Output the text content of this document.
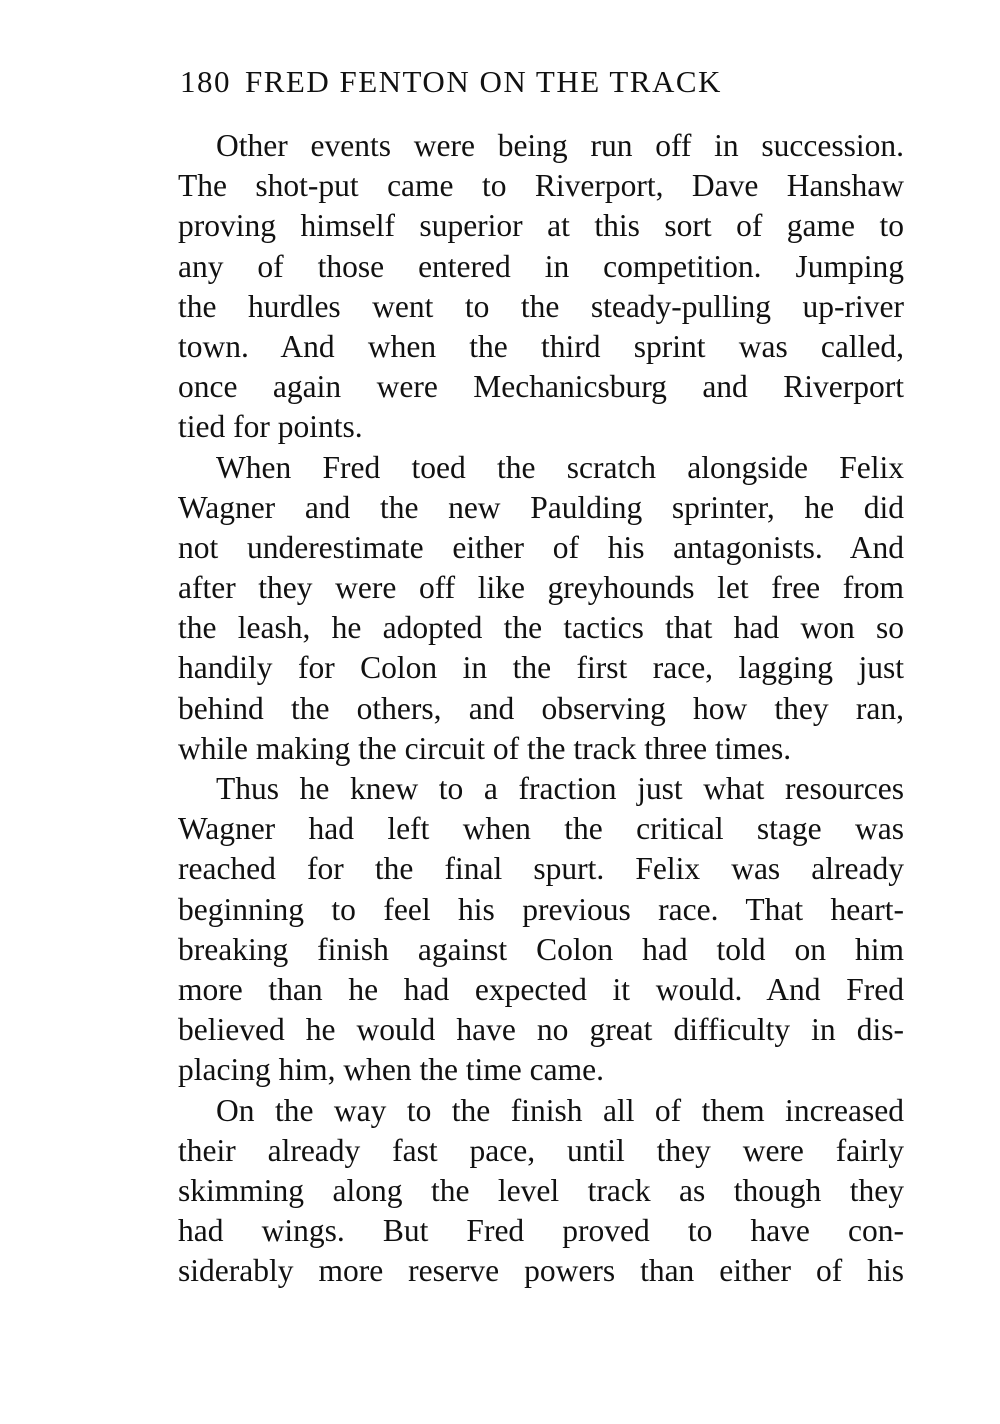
180 FRED FENTON ON THE TRACK
Other events were being run off in succession.
The shot-put came to Riverport, Dave Hanshaw
proving himself superior at this sort of game to
any of those entered in competition. Jumping
the hurdles went to the steady-pulling up-river
town. And when the third sprint was called,
once again were Mechanicsburg and Riverport
tied for points.
When Fred toed the scratch alongside Felix
Wagner and the new Paulding sprinter, he did
not underestimate either of his antagonists. And
after they were off like greyhounds let free from
the leash, he adopted the tactics that had won so
handily for Colon in the first race, lagging just
behind the others, and observing how they ran,
while making the circuit of the track three times.
Thus he knew to a fraction just what resources
Wagner had left when the critical stage was
reached for the final spurt. Felix was already
beginning to feel his previous race. That heart-
breaking finish against Colon had told on him
more than he had expected it would. And Fred
believed he would have no great difficulty in dis-
placing him, when the time came.
On the way to the finish all of them increased
their already fast pace, until they were fairly
skimming along the level track as though they
had wings. But Fred proved to have con-
siderably more reserve powers than either of his
